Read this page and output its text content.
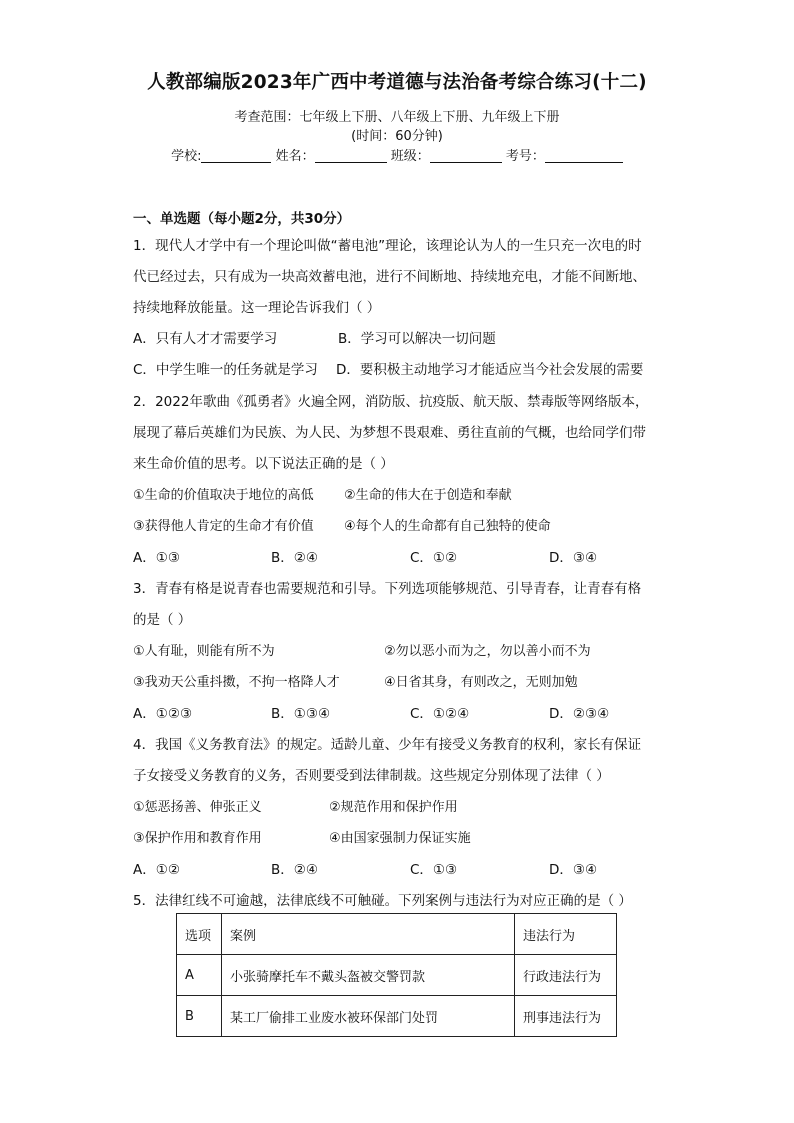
人教部编版2023年广西中考道德与法治备考综合练习(十二)
考查范围：七年级上下册、八年级上下册、九年级上下册
(时间：60分钟)
学校:	姓名：	班级：	考号：
一、单选题（每小题2分，共30分）
1．现代人才学中有一个理论叫做“蓄电池”理论，该理论认为人的一生只充一次电的时
代已经过去，只有成为一块高效蓄电池，进行不间断地、持续地充电，才能不间断地、
持续地释放能量。这一理论告诉我们（ ）
A．只有人才才需要学习	B．学习可以解决一切问题
C．中学生唯一的任务就是学习 D．要积极主动地学习才能适应当今社会发展的需要
2．2022年歌曲《孤勇者》火遍全网，消防版、抗疫版、航天版、禁毒版等网络版本，
展现了幕后英雄们为民族、为人民、为梦想不畏艰难、勇往直前的气概，也给同学们带
来生命价值的思考。以下说法正确的是（ ）
①生命的价值取决于地位的高低 ②生命的伟大在于创造和奉献
③获得他人肯定的生命才有价值 ④每个人的生命都有自己独特的使命
A．①③	B．②④	C．①②	D．③④
3．青春有格是说青春也需要规范和引导。下列选项能够规范、引导青春，让青春有格
的是（ ）
①人有耻，则能有所不为	②勿以恶小而为之，勿以善小而不为
③我劝天公重抖擞，不拘一格降人才	④日省其身，有则改之，无则加勉
A．①②③	B．①③④	C．①②④	D．②③④
4．我国《义务教育法》的规定。适龄儿童、少年有接受义务教育的权利，家长有保证
子女接受义务教育的义务，否则要受到法律制裁。这些规定分别体现了法律（ ）
①惩恶扬善、伸张正义	②规范作用和保护作用
③保护作用和教育作用	④由国家强制力保证实施
A．①②	B．②④	C．①③	D．③④
5．法律红线不可逾越，法律底线不可触碰。下列案例与违法行为对应正确的是（ ）
选项	案例	违法行为
A	小张骑摩托车不戴头盔被交警罚款	行政违法行为
B	某工厂偷排工业废水被环保部门处罚	刑事违法行为
